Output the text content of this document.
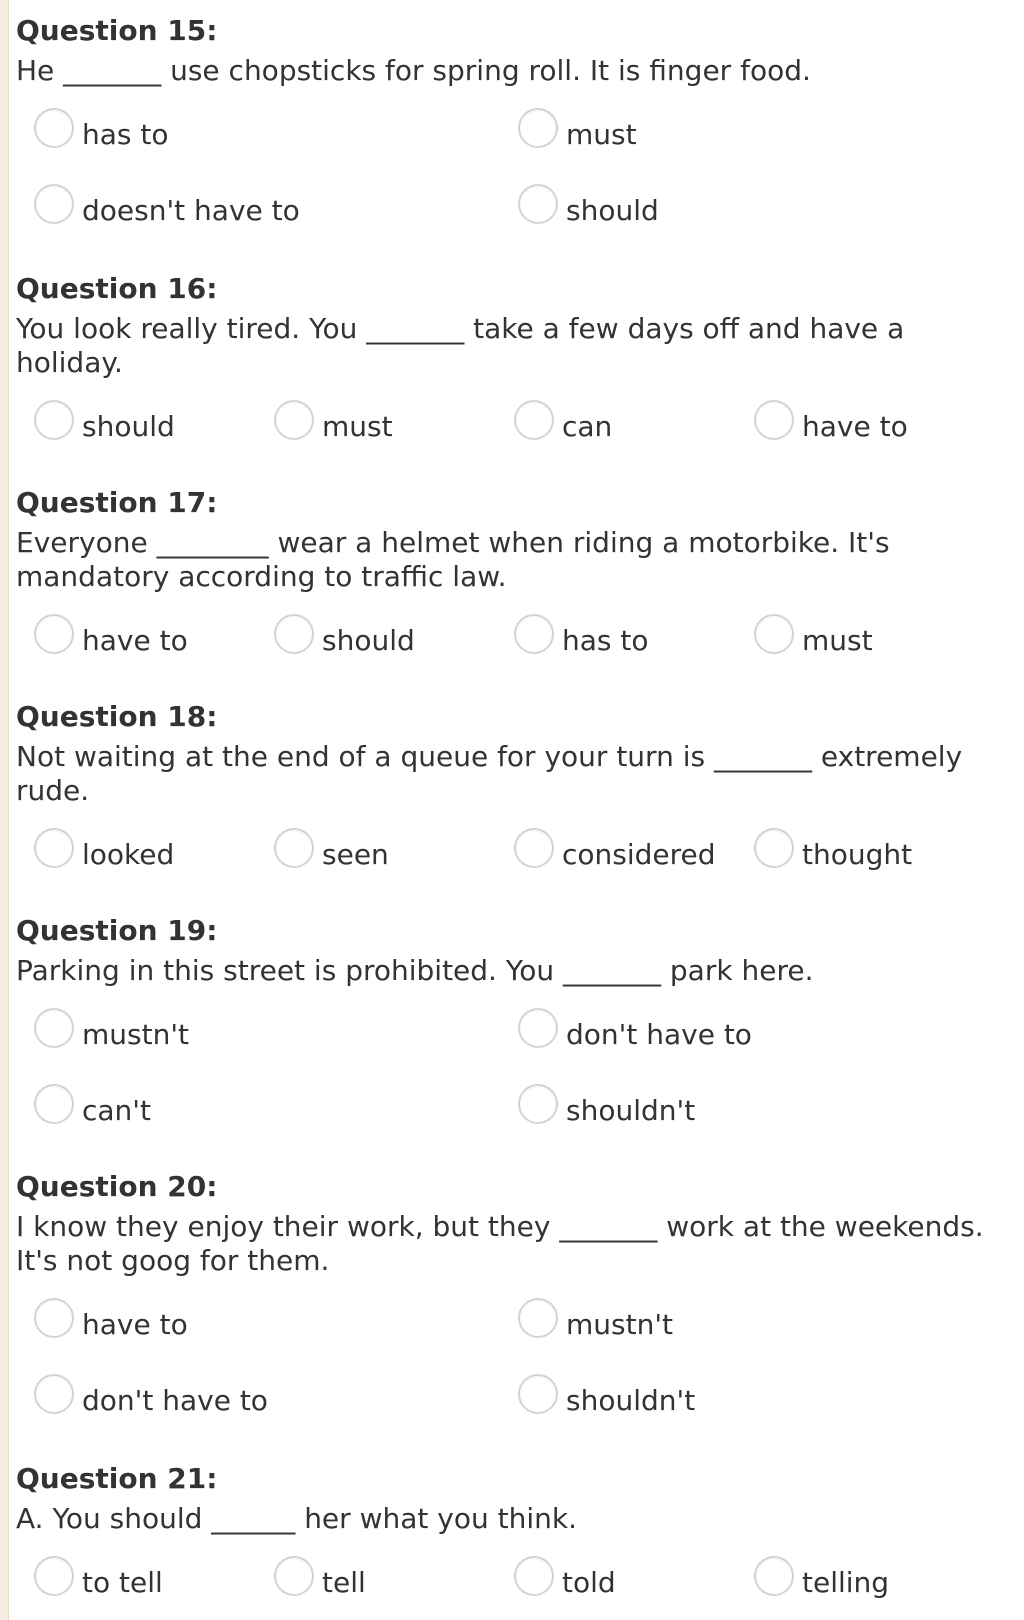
Question 15:
He _______ use chopsticks for spring roll. It is finger food.
has to	must
doesn't have to	should
Question 16:
You look really tired. You _______ take a few days off and have a holiday.
should	must	can	have to
Question 17:
Everyone ________ wear a helmet when riding a motorbike. It's mandatory according to traffic law.
have to	should	has to	must
Question 18:
Not waiting at the end of a queue for your turn is _______ extremely rude.
looked	seen	considered	thought
Question 19:
Parking in this street is prohibited. You _______ park here.
mustn't	don't have to
can't	shouldn't
Question 20:
I know they enjoy their work, but they _______ work at the weekends. It's not goog for them.
have to	mustn't
don't have to	shouldn't
Question 21:
A. You should ______ her what you think.
to tell	tell	told	telling
